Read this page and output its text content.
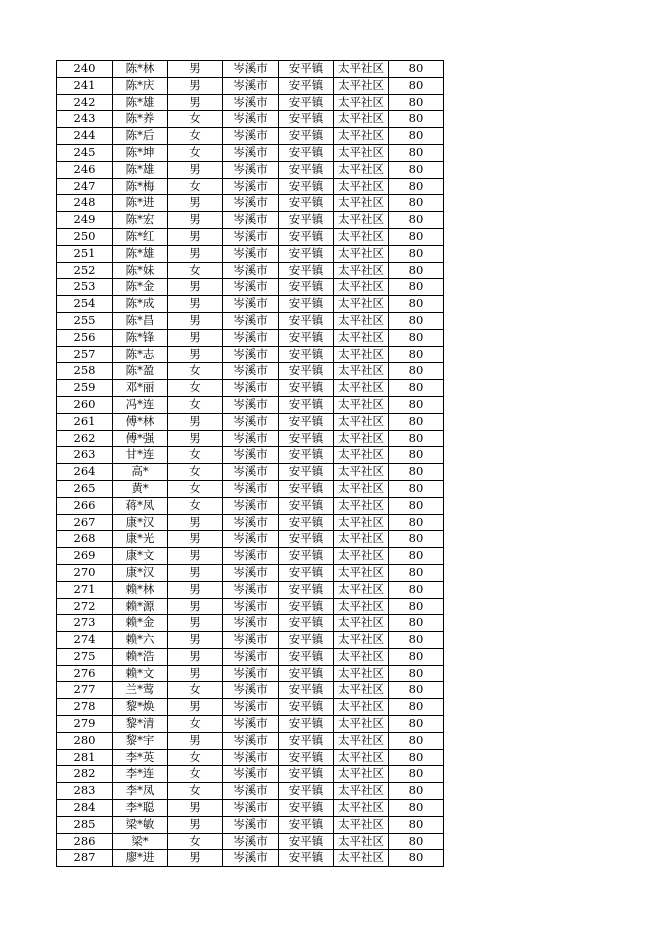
240	陈*林	男	岑溪市	安平镇	太平社区	80
241	陈*庆	男	岑溪市	安平镇	太平社区	80
242	陈*雄	男	岑溪市	安平镇	太平社区	80
243	陈*养	女	岑溪市	安平镇	太平社区	80
244	陈*后	女	岑溪市	安平镇	太平社区	80
245	陈*坤	女	岑溪市	安平镇	太平社区	80
246	陈*雄	男	岑溪市	安平镇	太平社区	80
247	陈*梅	女	岑溪市	安平镇	太平社区	80
248	陈*进	男	岑溪市	安平镇	太平社区	80
249	陈*宏	男	岑溪市	安平镇	太平社区	80
250	陈*红	男	岑溪市	安平镇	太平社区	80
251	陈*雄	男	岑溪市	安平镇	太平社区	80
252	陈*妹	女	岑溪市	安平镇	太平社区	80
253	陈*金	男	岑溪市	安平镇	太平社区	80
254	陈*成	男	岑溪市	安平镇	太平社区	80
255	陈*昌	男	岑溪市	安平镇	太平社区	80
256	陈*锋	男	岑溪市	安平镇	太平社区	80
257	陈*志	男	岑溪市	安平镇	太平社区	80
258	陈*盈	女	岑溪市	安平镇	太平社区	80
259	邓*丽	女	岑溪市	安平镇	太平社区	80
260	冯*连	女	岑溪市	安平镇	太平社区	80
261	傅*林	男	岑溪市	安平镇	太平社区	80
262	傅*强	男	岑溪市	安平镇	太平社区	80
263	甘*连	女	岑溪市	安平镇	太平社区	80
264	高*	女	岑溪市	安平镇	太平社区	80
265	黄*	女	岑溪市	安平镇	太平社区	80
266	蒋*凤	女	岑溪市	安平镇	太平社区	80
267	康*汉	男	岑溪市	安平镇	太平社区	80
268	康*光	男	岑溪市	安平镇	太平社区	80
269	康*文	男	岑溪市	安平镇	太平社区	80
270	康*汉	男	岑溪市	安平镇	太平社区	80
271	赖*林	男	岑溪市	安平镇	太平社区	80
272	赖*源	男	岑溪市	安平镇	太平社区	80
273	赖*金	男	岑溪市	安平镇	太平社区	80
274	赖*六	男	岑溪市	安平镇	太平社区	80
275	赖*浩	男	岑溪市	安平镇	太平社区	80
276	赖*文	男	岑溪市	安平镇	太平社区	80
277	兰*莺	女	岑溪市	安平镇	太平社区	80
278	黎*焕	男	岑溪市	安平镇	太平社区	80
279	黎*清	女	岑溪市	安平镇	太平社区	80
280	黎*宇	男	岑溪市	安平镇	太平社区	80
281	李*英	女	岑溪市	安平镇	太平社区	80
282	李*连	女	岑溪市	安平镇	太平社区	80
283	李*凤	女	岑溪市	安平镇	太平社区	80
284	李*聪	男	岑溪市	安平镇	太平社区	80
285	梁*敏	男	岑溪市	安平镇	太平社区	80
286	梁*	女	岑溪市	安平镇	太平社区	80
287	廖*进	男	岑溪市	安平镇	太平社区	80
